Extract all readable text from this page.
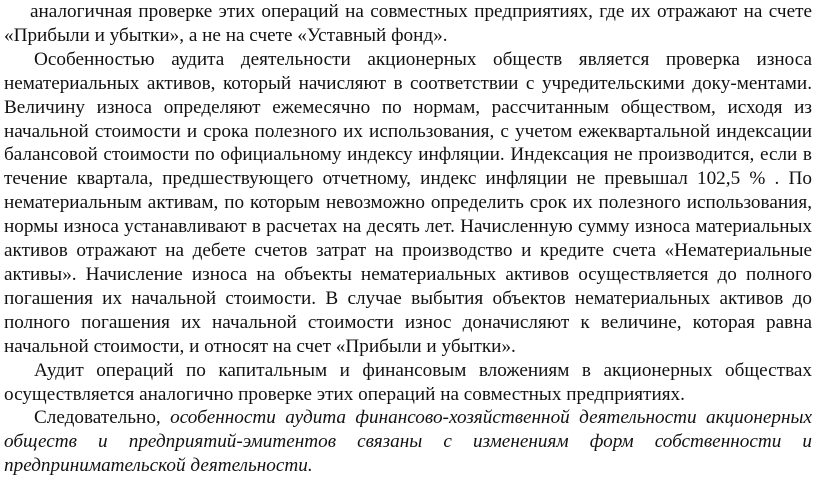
аналогичная проверке этих операций на совместных предприятиях, где их отражают на счете «Прибыли и убытки», а не на счете «Уставный фонд».

Особенностью аудита деятельности акционерных обществ является проверка износа нематериальных активов, который начисляют в соответствии с учредительскими доку-ментами. Величину износа определяют ежемесячно по нормам, рассчитанным обществом, исходя из начальной стоимости и срока полезного их использования, с учетом ежеквартальной индексации балансовой стоимости по официальному индексу инфляции. Индексация не производится, если в течение квартала, предшествующего отчетному, индекс инфляции не превышал 102,5 % . По нематериальным активам, по которым невозможно определить срок их полезного использования, нормы износа устанавливают в расчетах на десять лет. Начисленную сумму износа материальных активов отражают на дебете счетов затрат на производство и кредите счета «Нематериальные активы». Начисление износа на объекты нематериальных активов осуществляется до полного погашения их начальной стоимости. В случае выбытия объектов нематериальных активов до полного погашения их начальной стоимости износ доначисляют к величине, которая равна начальной стоимости, и относят на счет «Прибыли и убытки».

Аудит операций по капитальным и финансовым вложениям в акционерных обществах осуществляется аналогично проверке этих операций на совместных предприятиях.

Следовательно, особенности аудита финансово-хозяйственной деятельности акционерных обществ и предприятий-эмитентов связаны с изменениям форм собственности и предпринимательской деятельности.
